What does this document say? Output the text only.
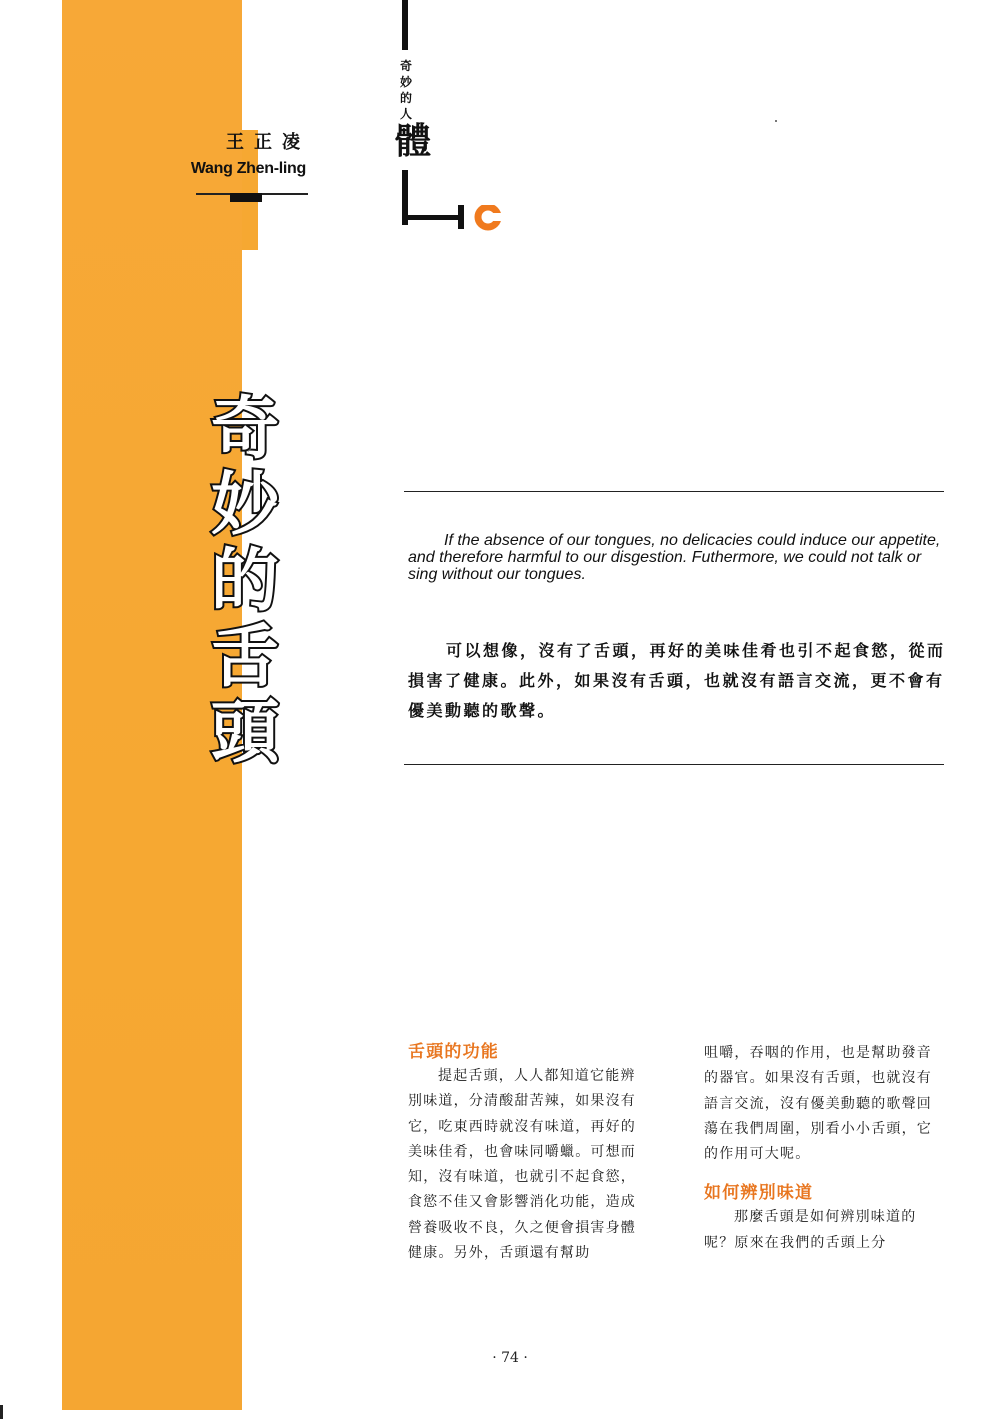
王正凌
Wang Zhen-ling
奇
妙
的
人
體
奇
妙
的
舌
頭
If the absence of our tongues, no delicacies could induce our appetite, and therefore harmful to our disgestion. Futhermore, we could not talk or sing without our tongues.
可以想像，沒有了舌頭，再好的美味佳肴也引不起食慾，從而損害了健康。此外，如果沒有舌頭，也就沒有語言交流，更不會有優美動聽的歌聲。
舌頭的功能

提起舌頭，人人都知道它能辨別味道，分清酸甜苦辣，如果沒有它，吃東西時就沒有味道，再好的美味佳肴，也會味同嚼蠟。可想而知，沒有味道，也就引不起食慾，食慾不佳又會影響消化功能，造成營養吸收不良，久之便會損害身體健康。另外，舌頭還有幫助

咀嚼，吞咽的作用，也是幫助發音的器官。如果沒有舌頭，也就沒有語言交流，沒有優美動聽的歌聲回蕩在我們周圍，別看小小舌頭，它的作用可大呢。

如何辨別味道

那麼舌頭是如何辨別味道的呢？原來在我們的舌頭上分

· 74 ·
